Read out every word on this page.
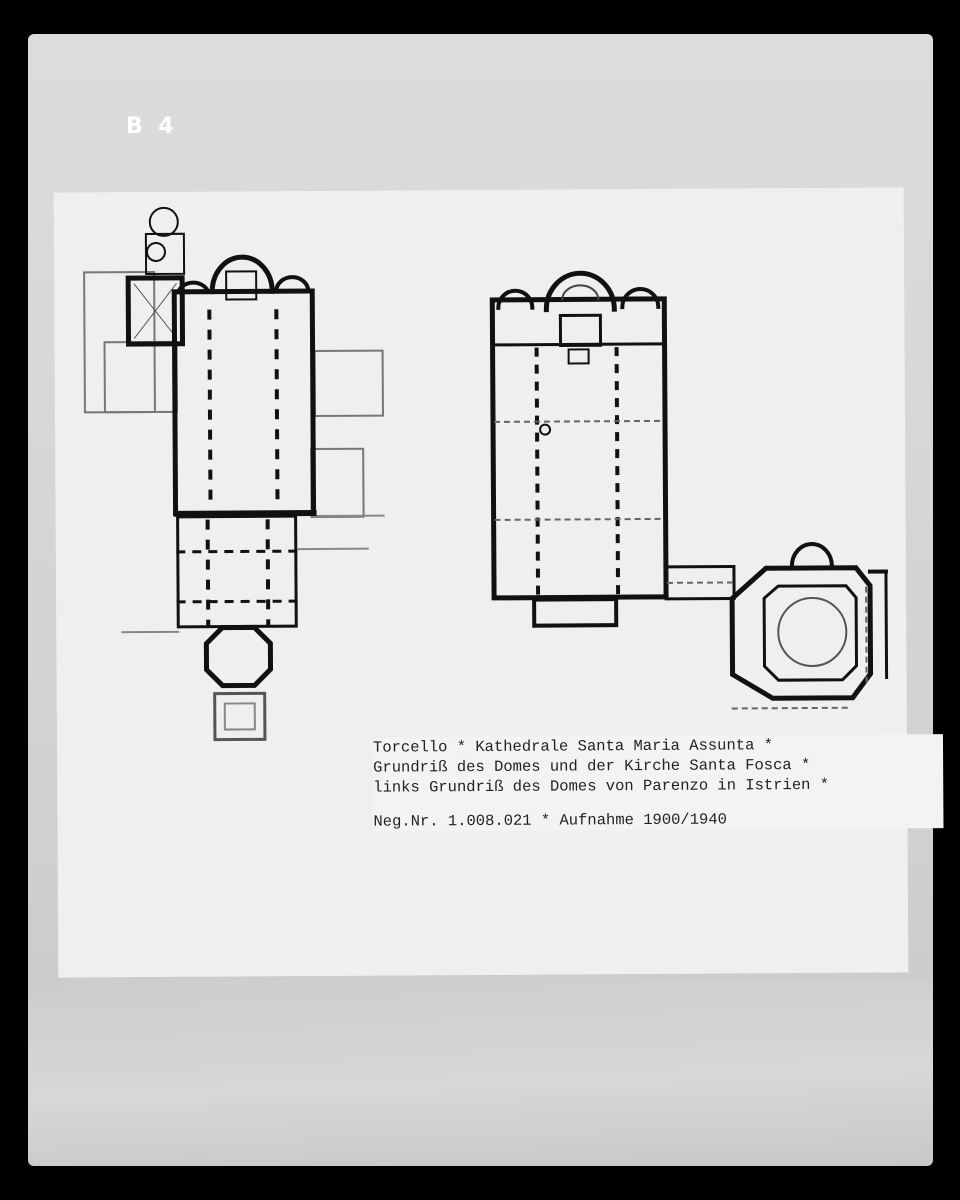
B 4
Torcello * Kathedrale Santa Maria Assunta *
Grundriß des Domes und der Kirche Santa Fosca *
links Grundriß des Domes von Parenzo in Istrien *
Neg.Nr. 1.008.021 * Aufnahme 1900/1940
